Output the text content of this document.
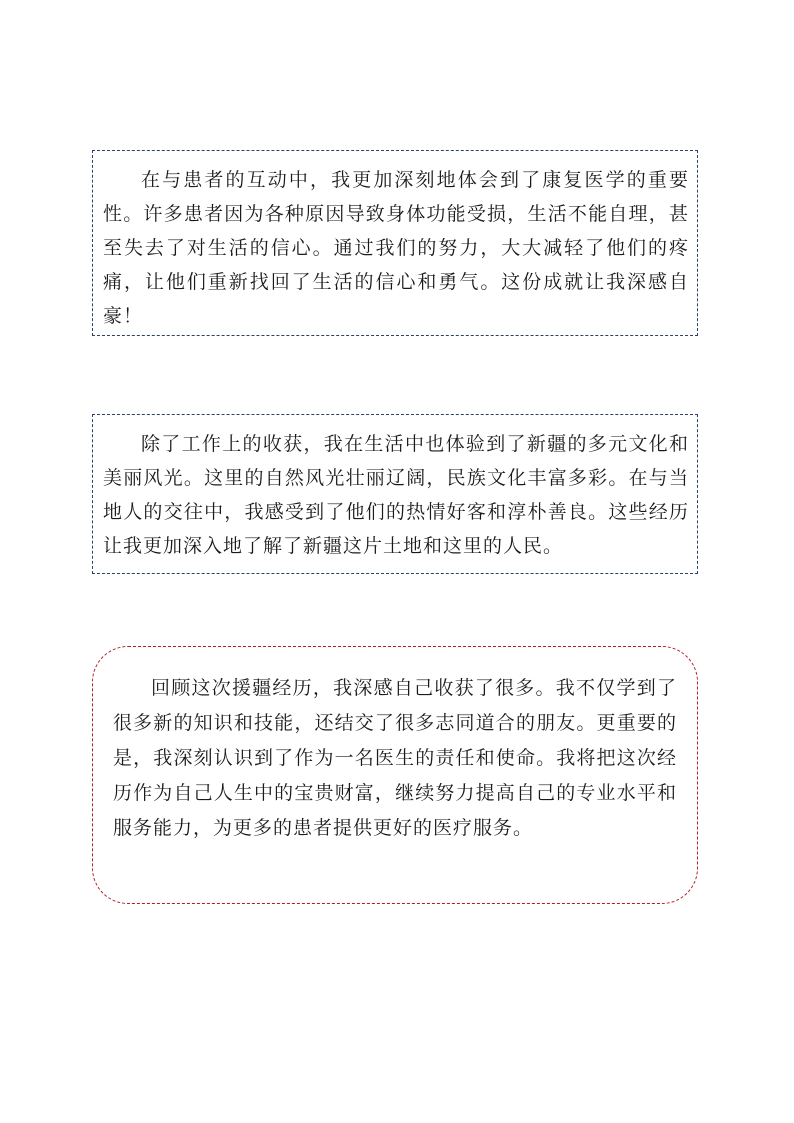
在与患者的互动中，我更加深刻地体会到了康复医学的重要性。许多患者因为各种原因导致身体功能受损，生活不能自理，甚至失去了对生活的信心。通过我们的努力，大大减轻了他们的疼痛，让他们重新找回了生活的信心和勇气。这份成就让我深感自豪！

除了工作上的收获，我在生活中也体验到了新疆的多元文化和美丽风光。这里的自然风光壮丽辽阔，民族文化丰富多彩。在与当地人的交往中，我感受到了他们的热情好客和淳朴善良。这些经历让我更加深入地了解了新疆这片土地和这里的人民。

回顾这次援疆经历，我深感自己收获了很多。我不仅学到了很多新的知识和技能，还结交了很多志同道合的朋友。更重要的是，我深刻认识到了作为一名医生的责任和使命。我将把这次经历作为自己人生中的宝贵财富，继续努力提高自己的专业水平和服务能力，为更多的患者提供更好的医疗服务。
